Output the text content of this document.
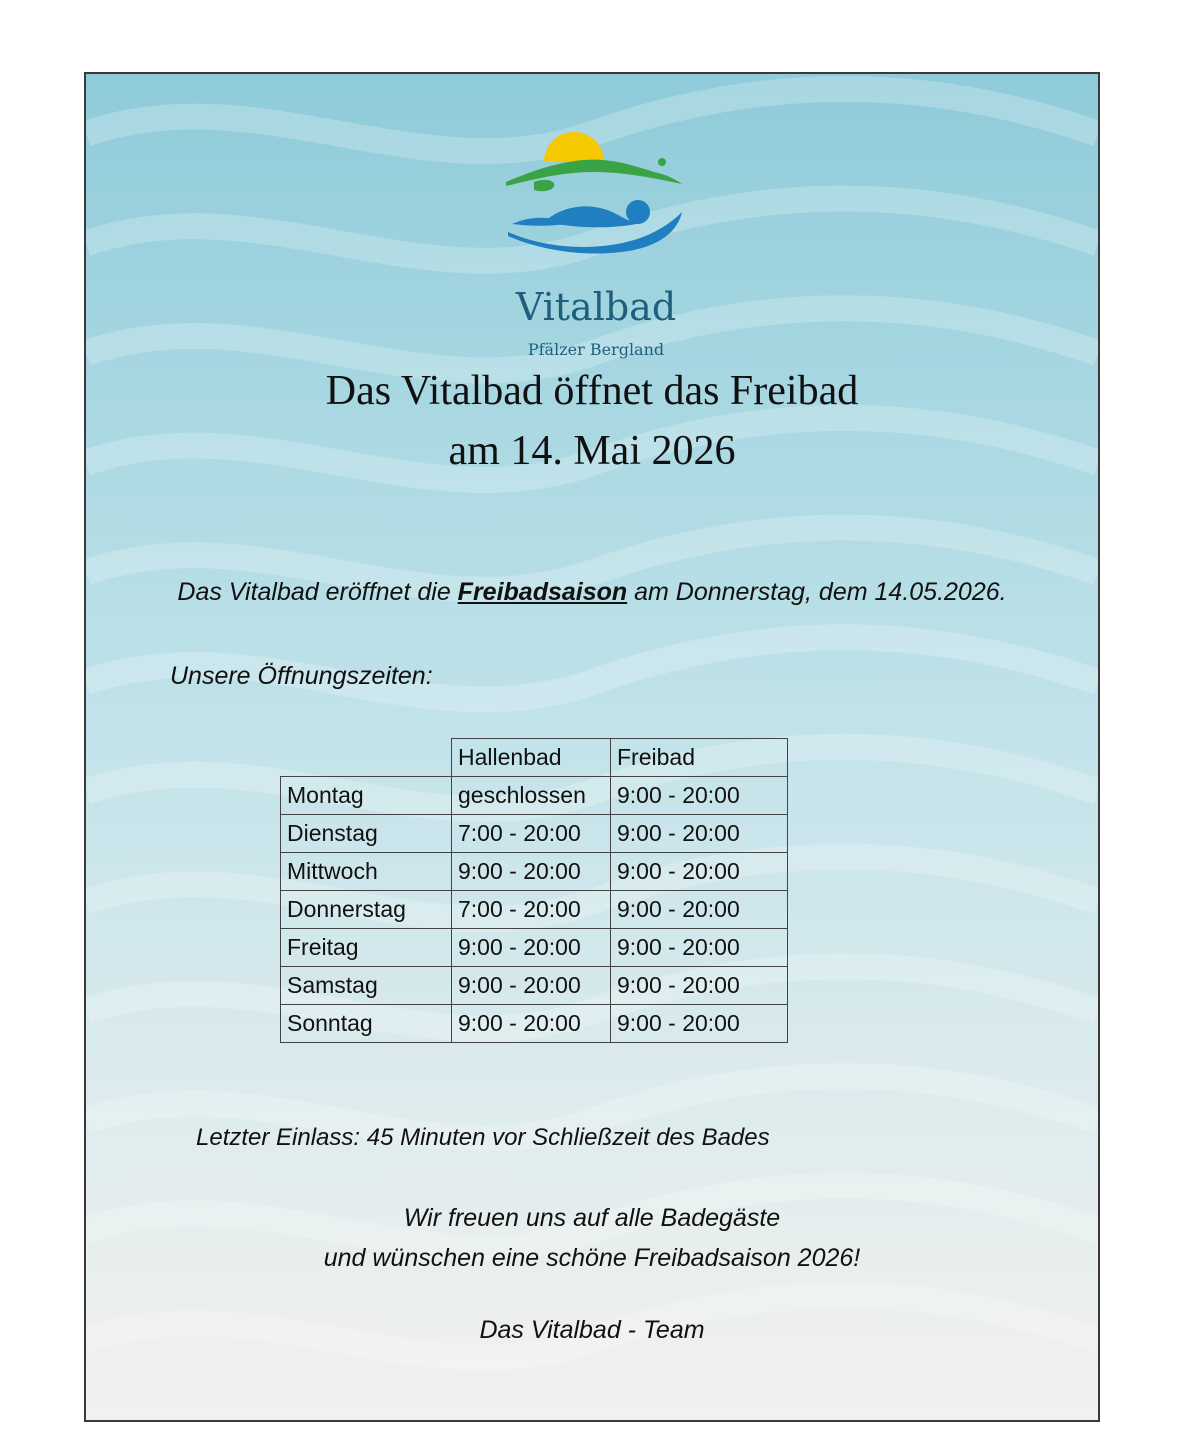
Vitalbad
Pfälzer Bergland
Das Vitalbad öffnet das Freibad
am 14. Mai 2026
Das Vitalbad eröffnet die Freibadsaison am Donnerstag, dem 14.05.2026.
Unsere Öffnungszeiten:
	Hallenbad	Freibad
Montag	geschlossen	9:00 - 20:00
Dienstag	7:00 - 20:00	9:00 - 20:00
Mittwoch	9:00 - 20:00	9:00 - 20:00
Donnerstag	7:00 - 20:00	9:00 - 20:00
Freitag	9:00 - 20:00	9:00 - 20:00
Samstag	9:00 - 20:00	9:00 - 20:00
Sonntag	9:00 - 20:00	9:00 - 20:00
Letzter Einlass: 45 Minuten vor Schließzeit des Bades
Wir freuen uns auf alle Badegäste
und wünschen eine schöne Freibadsaison 2026!
Das Vitalbad - Team
